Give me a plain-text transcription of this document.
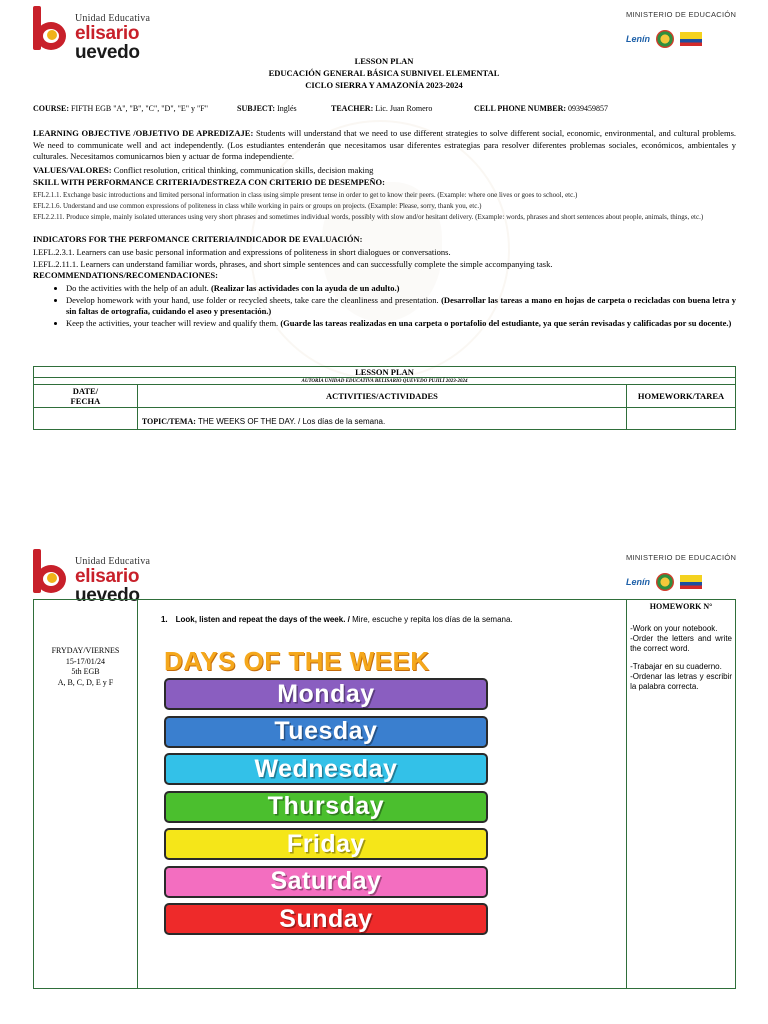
Unidad Educativa
elisario
uevedo
MINISTERIO DE EDUCACIÓN
Lenín
LESSON PLAN
EDUCACIÓN GENERAL BÁSICA SUBNIVEL ELEMENTAL
CICLO SIERRA Y AMAZONÍA 2023-2024
COURSE: FIFTH EGB "A", "B", "C", "D", "E" y "F"	SUBJECT: Inglés	TEACHER: Lic. Juan Romero	CELL PHONE NUMBER: 0939459857
LEARNING OBJECTIVE /OBJETIVO DE APREDIZAJE: Students will understand that we need to use different strategies to solve different social, economic, environmental, and cultural problems. We need to communicate well and act independently. (Los estudiantes entenderán que necesitamos usar diferentes estrategias para resolver diferentes problemas sociales, económicos, ambientales y culturales. Necesitamos comunicarnos bien y actuar de forma independiente.
VALUES/VALORES: Conflict resolution, critical thinking, communication skills, decision making
SKILL WITH PERFORMANCE CRITERIA/DESTREZA CON CRITERIO DE DESEMPEÑO:
EFL2.1.1. Exchange basic introductions and limited personal information in class using simple present tense in order to get to know their peers. (Example: where one lives or goes to school, etc.)
EFL2.1.6. Understand and use common expressions of politeness in class while working in pairs or groups on projects. (Example: Please, sorry, thank you, etc.)
EFL2.2.11. Produce simple, mainly isolated utterances using very short phrases and sometimes individual words, possibly with slow and/or hesitant delivery. (Example: words, phrases and short sentences about people, animals, things, etc.)
INDICATORS FOR THE PERFOMANCE CRITERIA/INDICADOR DE EVALUACIÓN:
I.EFL.2.3.1. Learners can use basic personal information and expressions of politeness in short dialogues or conversations.
I.EFL.2.11.1. Learners can understand familiar words, phrases, and short simple sentences and can successfully complete the simple accompanying task.
RECOMMENDATIONS/RECOMENDACIONES:
• Do the activities with the help of an adult. (Realizar las actividades con la ayuda de un adulto.)
• Develop homework with your hand, use folder or recycled sheets, take care the cleanliness and presentation. (Desarrollar las tareas a mano en hojas de carpeta o recicladas con buena letra y sin faltas de ortografía, cuidando el aseo y presentación.)
• Keep the activities, your teacher will review and qualify them. (Guarde las tareas realizadas en una carpeta o portafolio del estudiante, ya que serán revisadas y calificadas por su docente.)
LESSON PLAN		
AUTORÍA UNIDAD EDUCATIVA BELISARIO QUEVEDO PUJILÍ 2023-2024		
DATE/
FECHA	ACTIVITIES/ACTIVIDADES	HOMEWORK/TAREA
	TOPIC/TEMA: THE WEEKS OF THE DAY. / Los días de la semana.	
Unidad Educativa
elisario
uevedo
MINISTERIO DE EDUCACIÓN
Lenín
FRYDAY/VIERNES
15-17/01/24
5th EGB
A, B, C, D, E y F

1. Look, listen and repeat the days of the week. / Mire, escuche y repita los días de la semana.
DAYS OF THE WEEK
Monday
Tuesday
Wednesday
Thursday
Friday
Saturday
Sunday

HOMEWORK N°

-Work on your notebook.

-Order the letters and write the correct word.

-Trabajar en su cuaderno.

-Ordenar las letras y escribir la palabra correcta.
